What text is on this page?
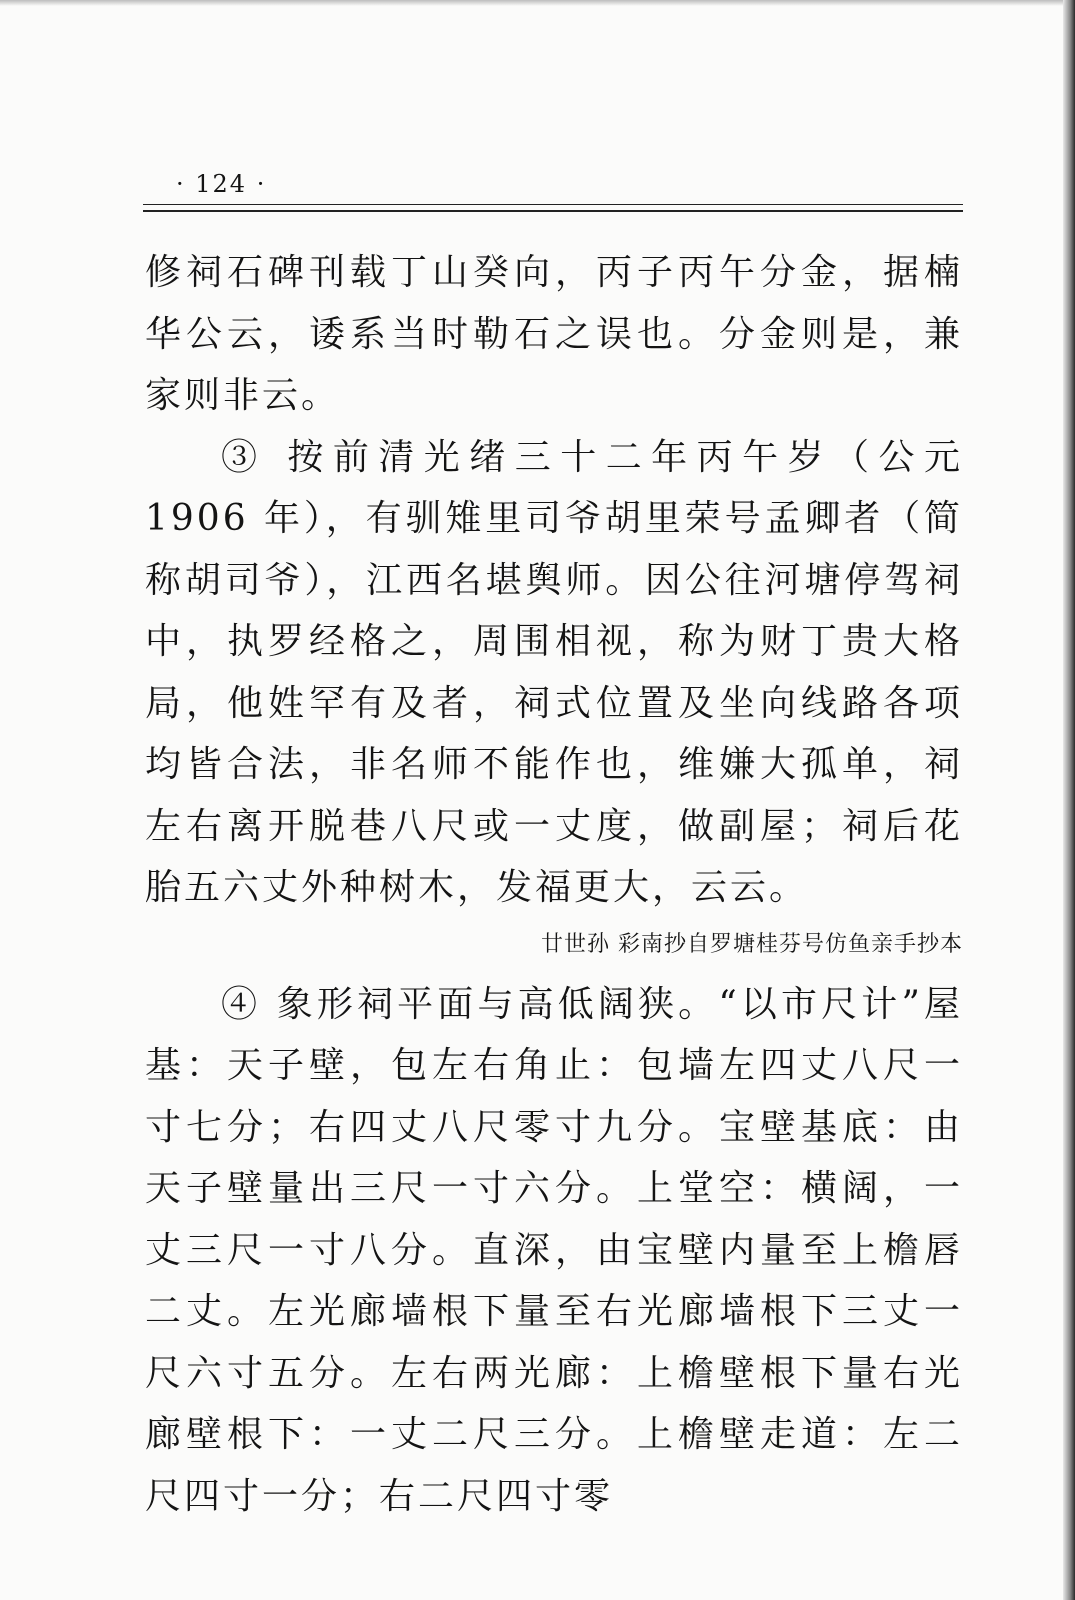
· 124 ·

修祠石碑刊载丁山癸向，丙子丙午分金，据楠华公云，诿系当时勒石之误也。分金则是，兼家则非云。

③ 按前清光绪三十二年丙午岁（公元 1906 年），有驯雉里司爷胡里荣号孟卿者（简称胡司爷），江西名堪舆师。因公往河塘停驾祠中，执罗经格之，周围相视，称为财丁贵大格局，他姓罕有及者，祠式位置及坐向线路各项均皆合法，非名师不能作也，维嫌大孤单，祠左右离开脱巷八尺或一丈度，做副屋；祠后花胎五六丈外种树木，发福更大，云云。

廿世孙 彩南抄自罗塘桂芬号仿鱼亲手抄本

④ 象形祠平面与高低阔狭。“以市尺计”屋基：天子壁，包左右角止：包墙左四丈八尺一寸七分；右四丈八尺零寸九分。宝壁基底：由天子壁量出三尺一寸六分。上堂空：横阔，一丈三尺一寸八分。直深，由宝壁内量至上檐唇二丈。左光廊墙根下量至右光廊墙根下三丈一尺六寸五分。左右两光廊：上檐壁根下量右光廊壁根下：一丈二尺三分。上檐壁走道：左二尺四寸一分；右二尺四寸零
